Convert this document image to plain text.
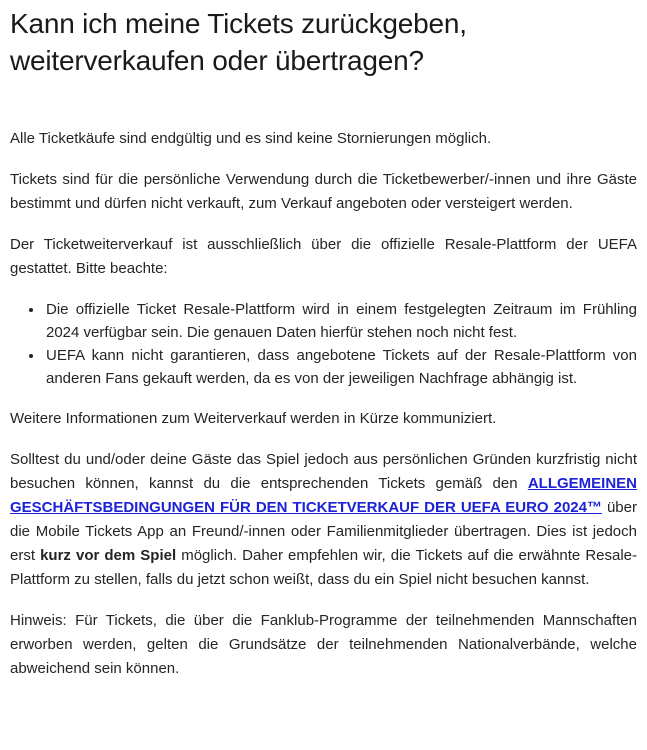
Kann ich meine Tickets zurückgeben, weiterverkaufen oder übertragen?

Alle Ticketkäufe sind endgültig und es sind keine Stornierungen möglich.

Tickets sind für die persönliche Verwendung durch die Ticketbewerber/-innen und ihre Gäste bestimmt und dürfen nicht verkauft, zum Verkauf angeboten oder versteigert werden.

Der Ticketweiterverkauf ist ausschließlich über die offizielle Resale-Plattform der UEFA gestattet. Bitte beachte:

• Die offizielle Ticket Resale-Plattform wird in einem festgelegten Zeitraum im Frühling 2024 verfügbar sein. Die genauen Daten hierfür stehen noch nicht fest.
• UEFA kann nicht garantieren, dass angebotene Tickets auf der Resale-Plattform von anderen Fans gekauft werden, da es von der jeweiligen Nachfrage abhängig ist.

Weitere Informationen zum Weiterverkauf werden in Kürze kommuniziert.

Solltest du und/oder deine Gäste das Spiel jedoch aus persönlichen Gründen kurzfristig nicht besuchen können, kannst du die entsprechenden Tickets gemäß den ALLGEMEINEN GESCHÄFTSBEDINGUNGEN FÜR DEN TICKETVERKAUF DER UEFA EURO 2024™ über die Mobile Tickets App an Freund/-innen oder Familienmitglieder übertragen. Dies ist jedoch erst kurz vor dem Spiel möglich. Daher empfehlen wir, die Tickets auf die erwähnte Resale-Plattform zu stellen, falls du jetzt schon weißt, dass du ein Spiel nicht besuchen kannst.

Hinweis: Für Tickets, die über die Fanklub-Programme der teilnehmenden Mannschaften erworben werden, gelten die Grundsätze der teilnehmenden Nationalverbände, welche abweichend sein können.
